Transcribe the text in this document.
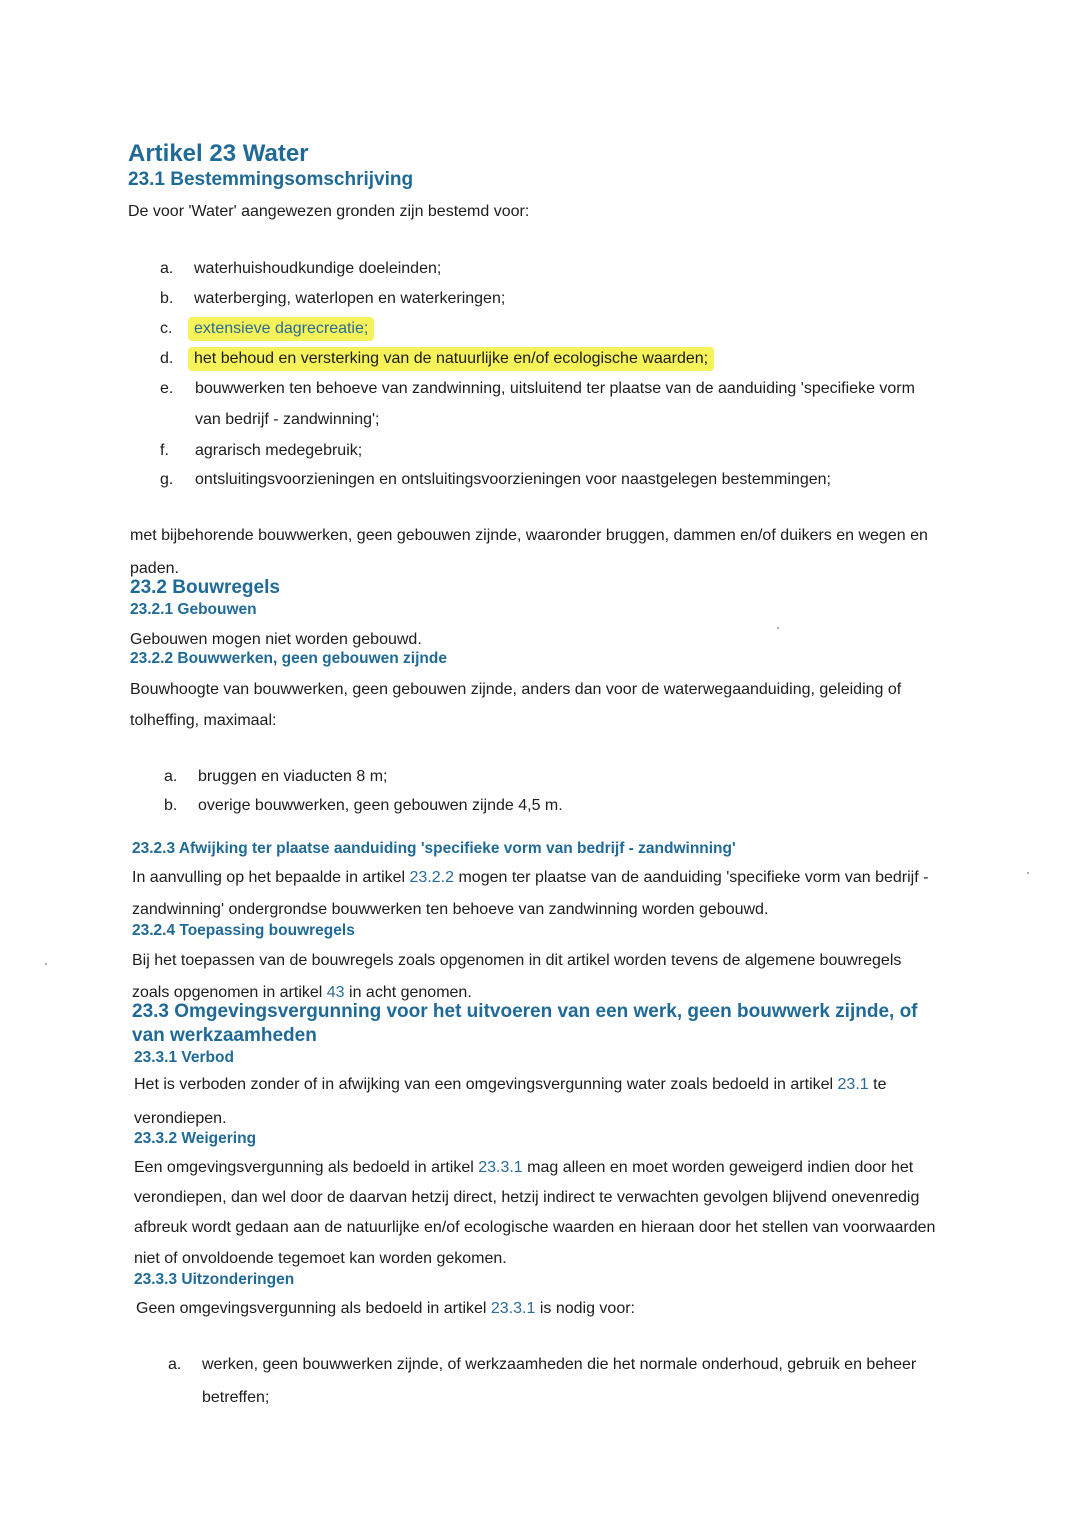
Artikel 23 Water
23.1 Bestemmingsomschrijving
De voor 'Water' aangewezen gronden zijn bestemd voor:
a. waterhuishoudkundige doeleinden;
b. waterberging, waterlopen en waterkeringen;
c.	extensieve dagrecreatie;
d.	het behoud en versterking van de natuurlijke en/of ecologische waarden;
e. bouwwerken ten behoeve van zandwinning, uitsluitend ter plaatse van de aanduiding 'specifieke vorm
van bedrijf - zandwinning';
f. agrarisch medegebruik;
g. ontsluitingsvoorzieningen en ontsluitingsvoorzieningen voor naastgelegen bestemmingen;
met bijbehorende bouwwerken, geen gebouwen zijnde, waaronder bruggen, dammen en/of duikers en wegen en
paden.
23.2 Bouwregels
23.2.1 Gebouwen
Gebouwen mogen niet worden gebouwd.
23.2.2 Bouwwerken, geen gebouwen zijnde
Bouwhoogte van bouwwerken, geen gebouwen zijnde, anders dan voor de waterwegaanduiding, geleiding of
tolheffing, maximaal:
a. bruggen en viaducten 8 m;
b. overige bouwwerken, geen gebouwen zijnde 4,5 m.
23.2.3 Afwijking ter plaatse aanduiding 'specifieke vorm van bedrijf - zandwinning'
In aanvulling op het bepaalde in artikel 23.2.2 mogen ter plaatse van de aanduiding 'specifieke vorm van bedrijf -
zandwinning' ondergrondse bouwwerken ten behoeve van zandwinning worden gebouwd.
23.2.4 Toepassing bouwregels
Bij het toepassen van de bouwregels zoals opgenomen in dit artikel worden tevens de algemene bouwregels
zoals opgenomen in artikel 43 in acht genomen.
23.3 Omgevingsvergunning voor het uitvoeren van een werk, geen bouwwerk zijnde, of
van werkzaamheden
23.3.1 Verbod
Het is verboden zonder of in afwijking van een omgevingsvergunning water zoals bedoeld in artikel 23.1 te
verondiepen.
23.3.2 Weigering
Een omgevingsvergunning als bedoeld in artikel 23.3.1 mag alleen en moet worden geweigerd indien door het
verondiepen, dan wel door de daarvan hetzij direct, hetzij indirect te verwachten gevolgen blijvend onevenredig
afbreuk wordt gedaan aan de natuurlijke en/of ecologische waarden en hieraan door het stellen van voorwaarden
niet of onvoldoende tegemoet kan worden gekomen.
23.3.3 Uitzonderingen
Geen omgevingsvergunning als bedoeld in artikel 23.3.1 is nodig voor:
a. werken, geen bouwwerken zijnde, of werkzaamheden die het normale onderhoud, gebruik en beheer
betreffen;
